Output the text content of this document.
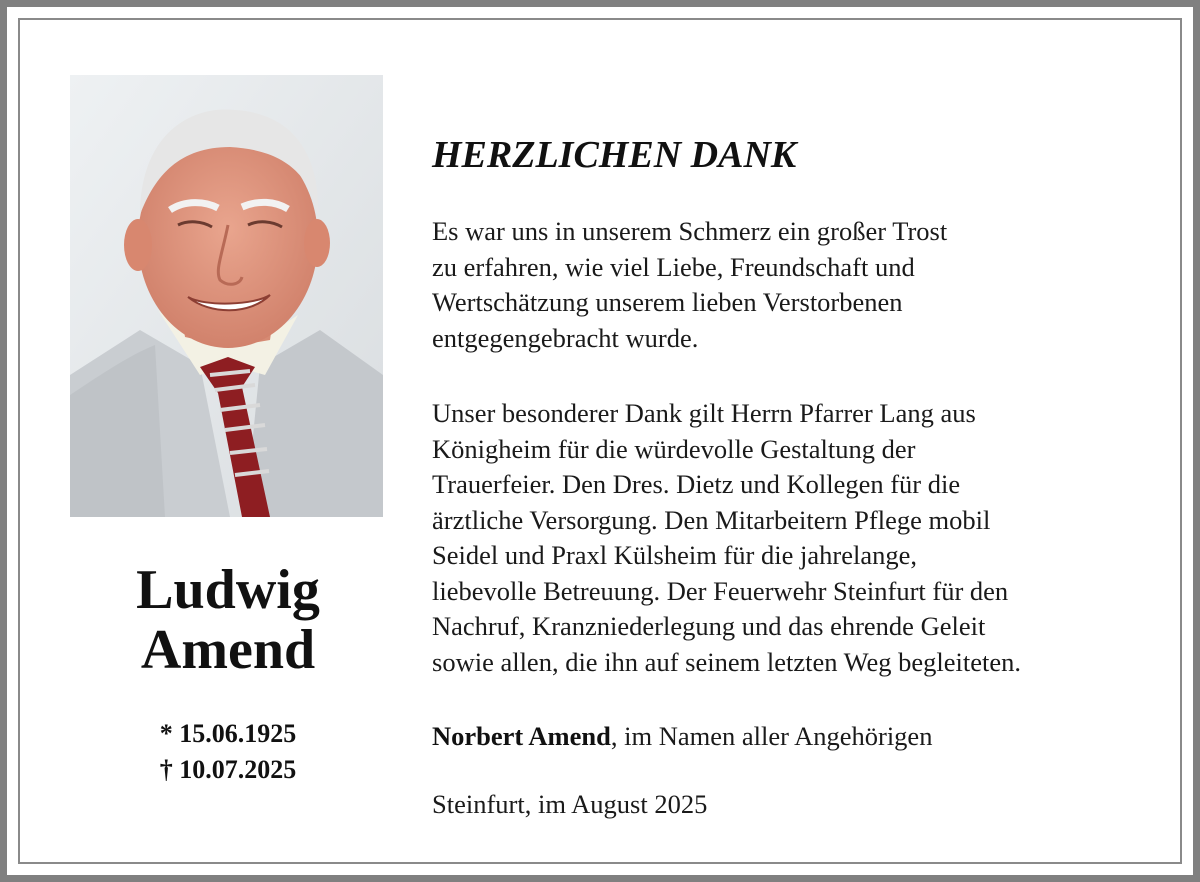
Ludwig
Amend
* 15.06.1925
† 10.07.2025
HERZLICHEN DANK
Es war uns in unserem Schmerz ein großer Trost
zu erfahren, wie viel Liebe, Freundschaft und
Wertschätzung unserem lieben Verstorbenen
entgegengebracht wurde.
Unser besonderer Dank gilt Herrn Pfarrer Lang aus
Königheim für die würdevolle Gestaltung der
Trauerfeier. Den Dres. Dietz und Kollegen für die
ärztliche Versorgung. Den Mitarbeitern Pflege mobil
Seidel und Praxl Külsheim für die jahrelange,
liebevolle Betreuung. Der Feuerwehr Steinfurt für den
Nachruf, Kranzniederlegung und das ehrende Geleit
sowie allen, die ihn auf seinem letzten Weg begleiteten.
Norbert Amend, im Namen aller Angehörigen
Steinfurt, im August 2025
